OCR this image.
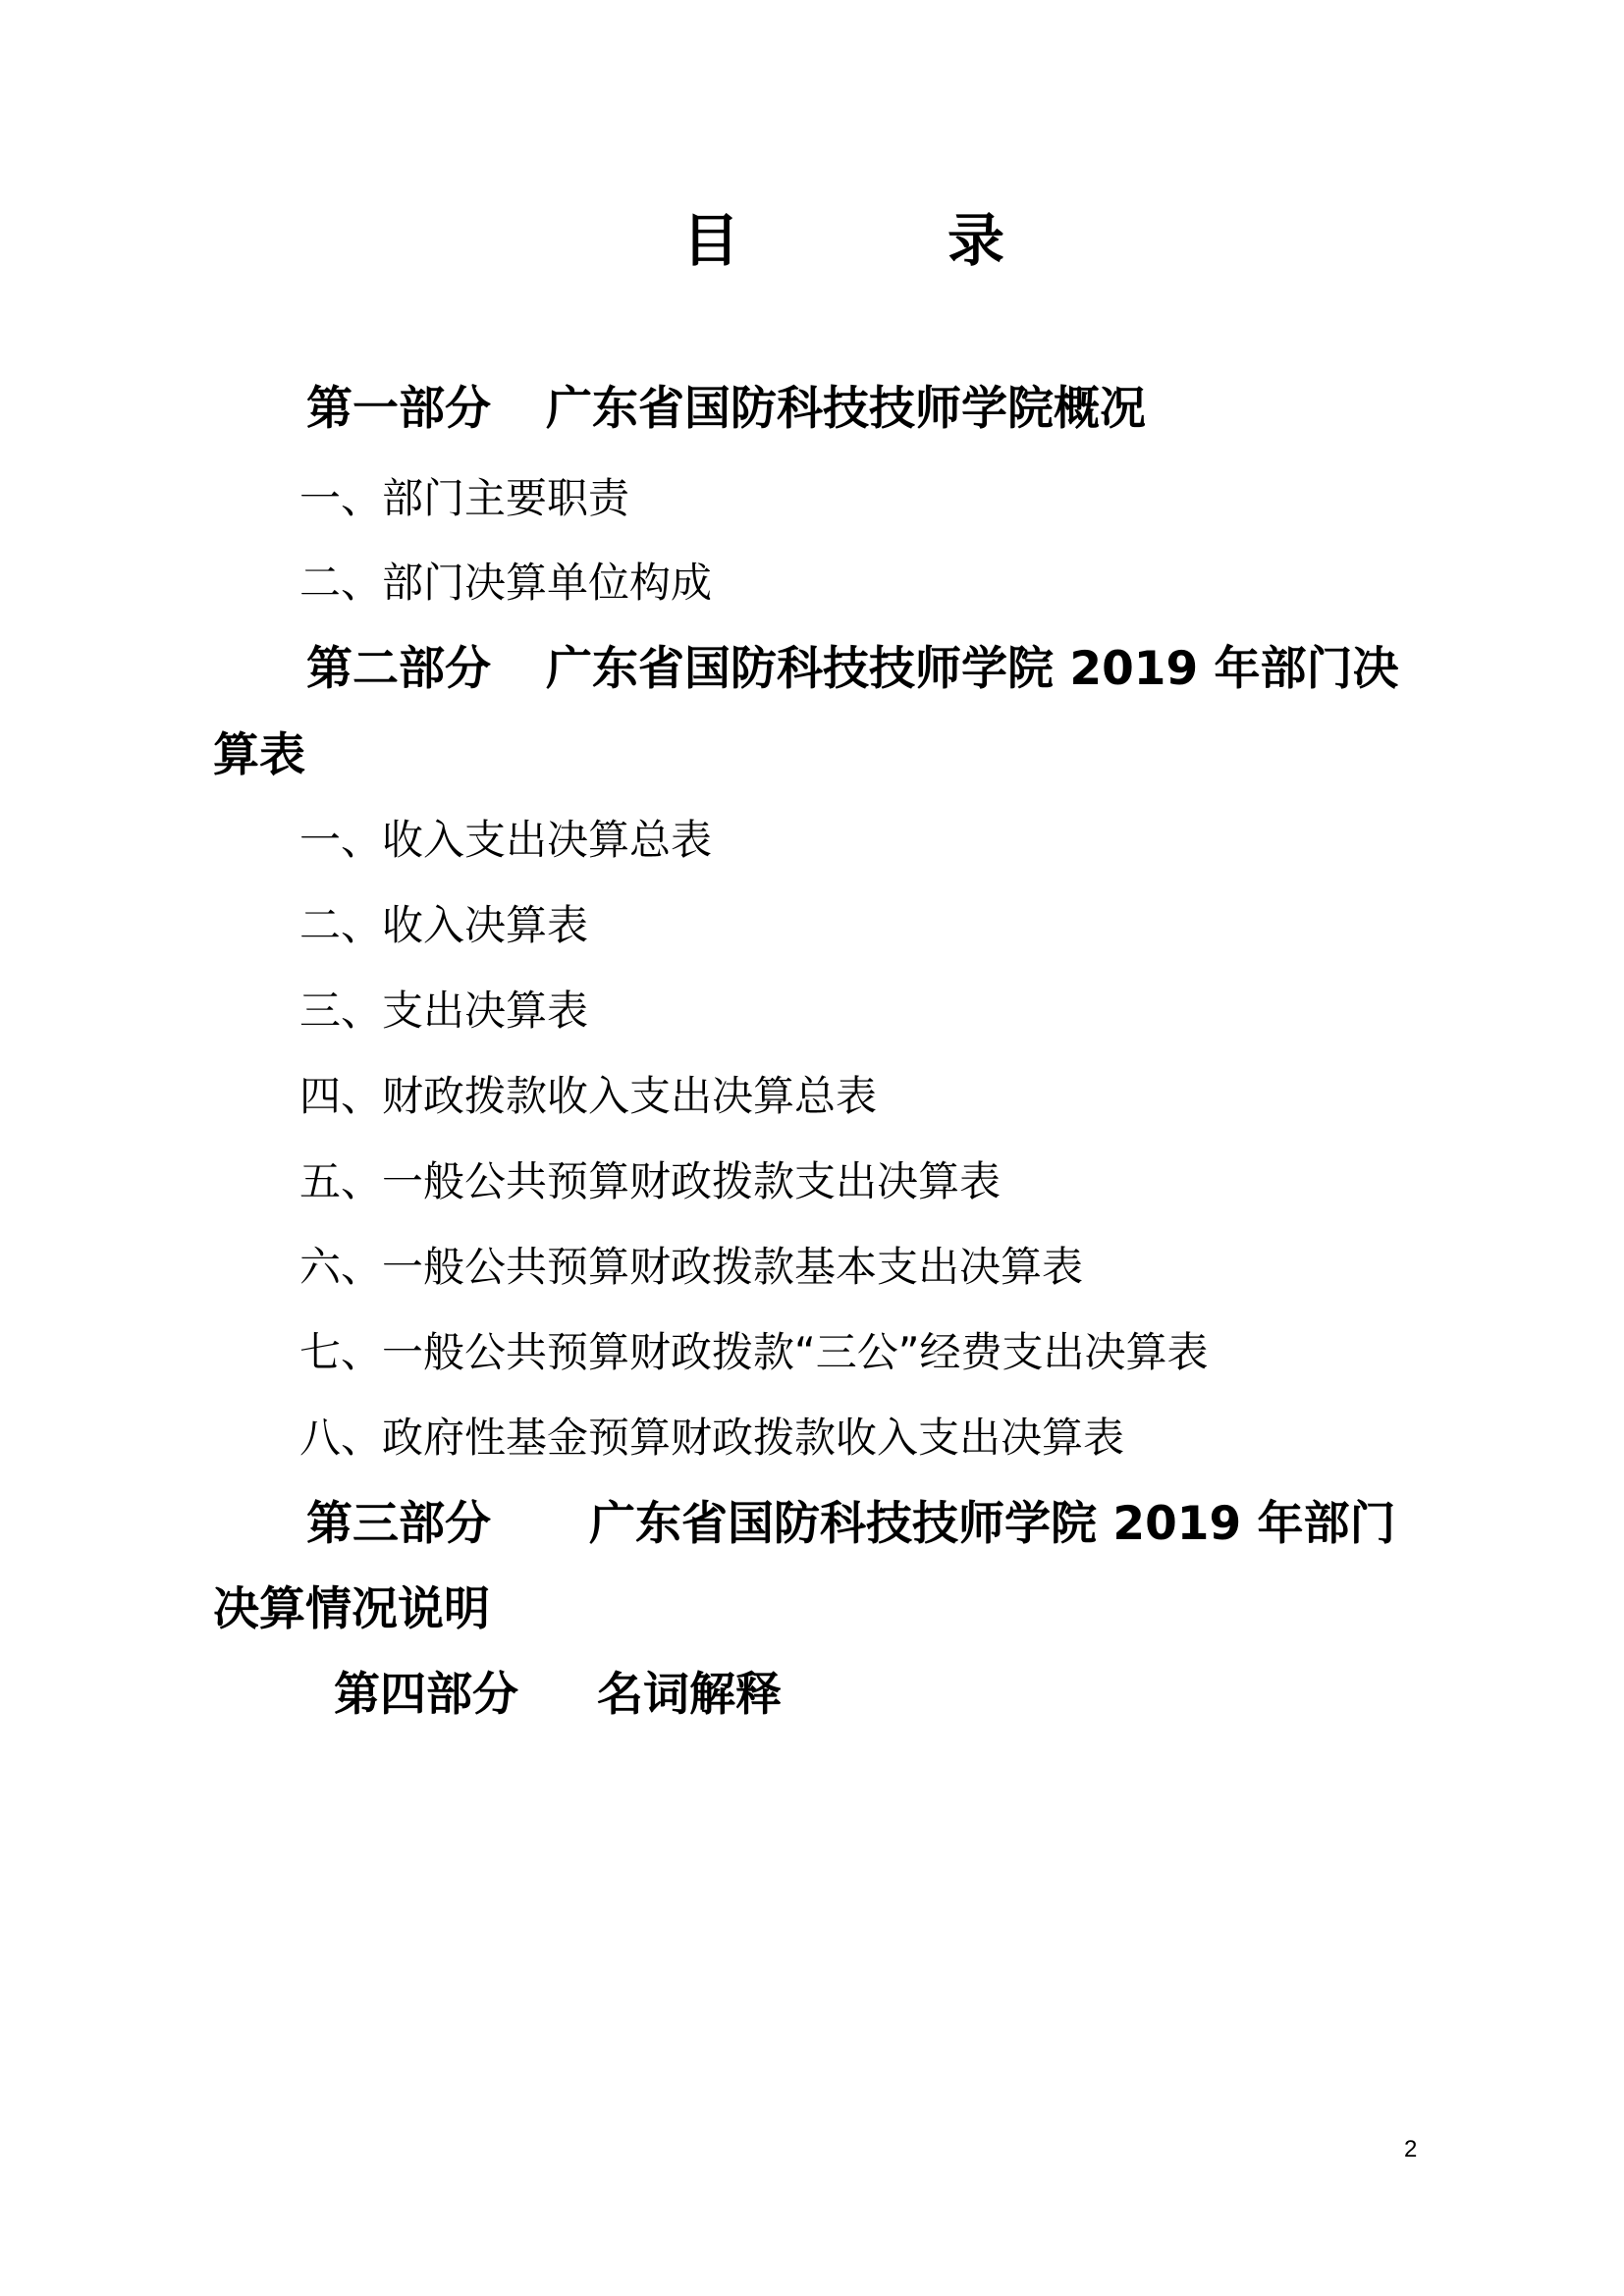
目	录
第一部分 广东省国防科技技师学院概况
一、部门主要职责
二、部门决算单位构成
第二部分 广东省国防科技技师学院 2019 年部门决
算表
一、收入支出决算总表
二、收入决算表
三、支出决算表
四、财政拨款收入支出决算总表
五、一般公共预算财政拨款支出决算表
六、一般公共预算财政拨款基本支出决算表
七、一般公共预算财政拨款“三公”经费支出决算表
八、政府性基金预算财政拨款收入支出决算表
第三部分 广东省国防科技技师学院 2019 年部门
决算情况说明
第四部分 名词解释
2
